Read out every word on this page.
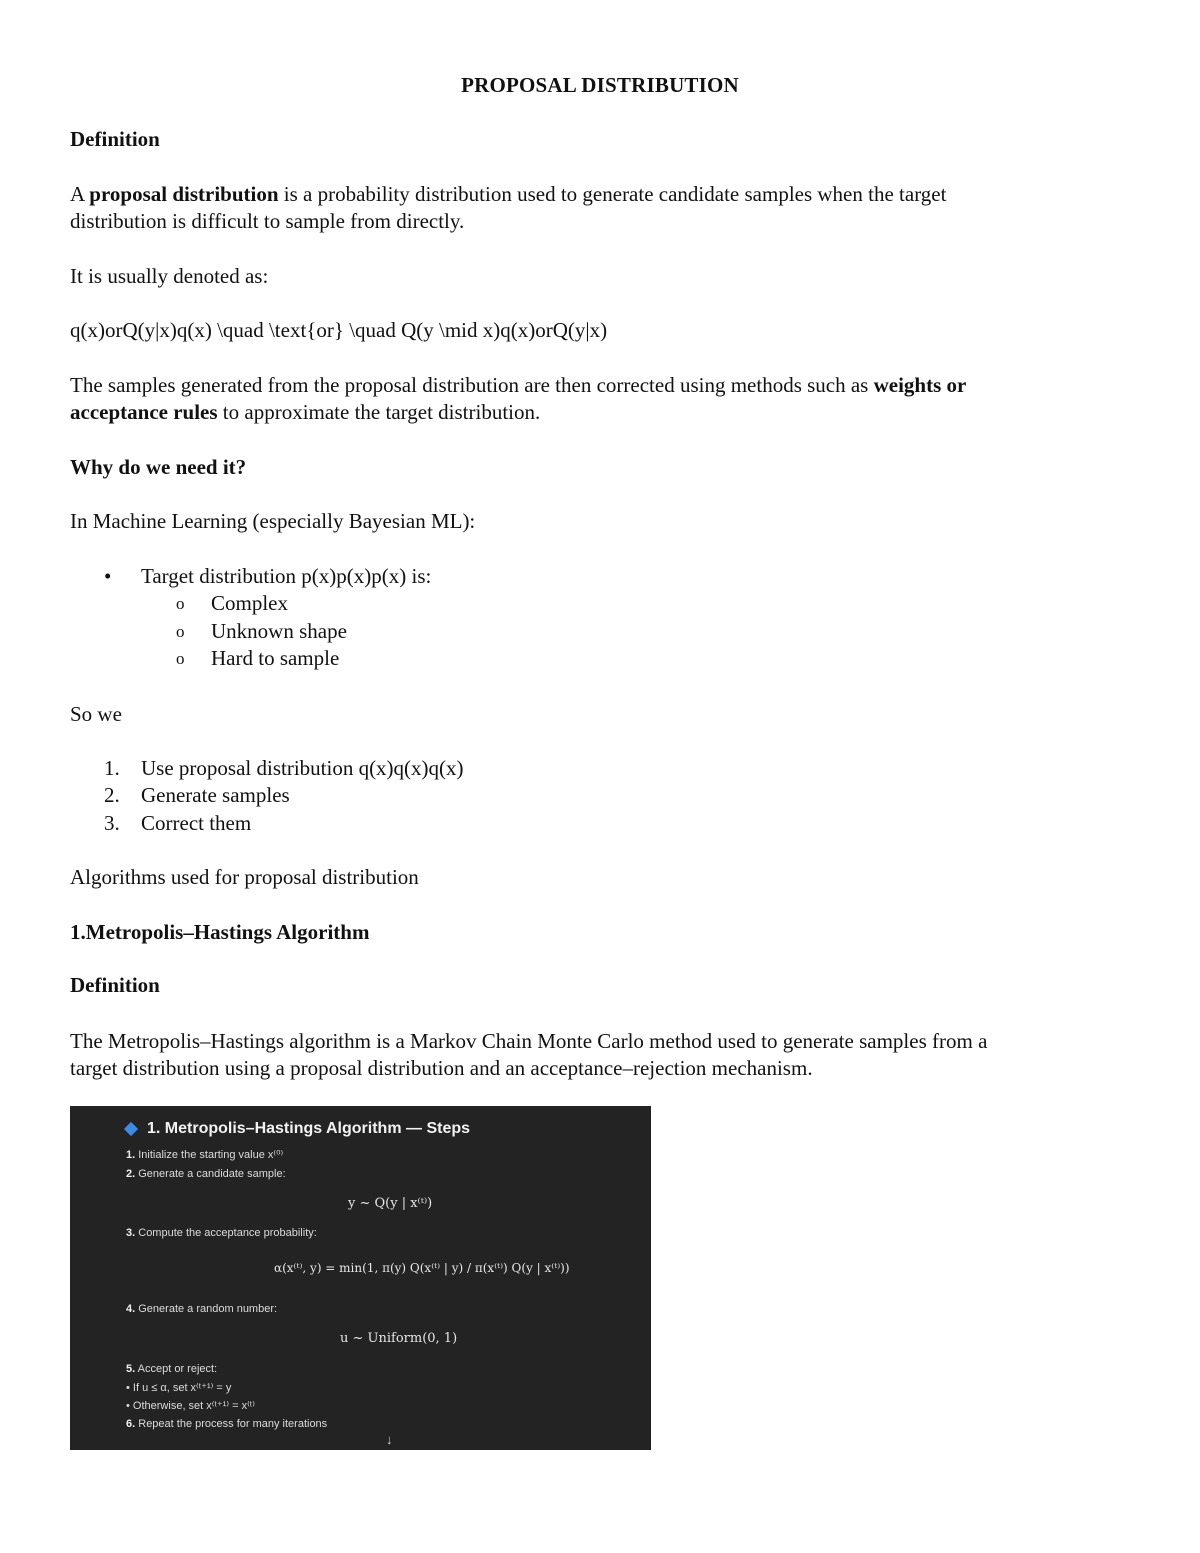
PROPOSAL DISTRIBUTION
Definition
A proposal distribution is a probability distribution used to generate candidate samples when the target
distribution is difficult to sample from directly.
It is usually denoted as:
q(x)orQ(y|x)q(x) \quad \text{or} \quad Q(y \mid x)q(x)orQ(y|x)
The samples generated from the proposal distribution are then corrected using methods such as weights or
acceptance rules to approximate the target distribution.
Why do we need it?
In Machine Learning (especially Bayesian ML):
•	Target distribution p(x)p(x)p(x) is:
o	Complex
o	Unknown shape
o	Hard to sample
So we
1.	Use proposal distribution q(x)q(x)q(x)
2.	Generate samples
3.	Correct them
Algorithms used for proposal distribution
1.Metropolis–Hastings Algorithm
Definition
The Metropolis–Hastings algorithm is a Markov Chain Monte Carlo method used to generate samples from a
target distribution using a proposal distribution and an acceptance–rejection mechanism.
1. Metropolis–Hastings Algorithm — Steps
1. Initialize the starting value x⁽⁰⁾
2. Generate a candidate sample:
y ~ Q(y | x⁽ᵗ⁾)
3. Compute the acceptance probability:
α(x⁽ᵗ⁾, y) = min(1, π(y) Q(x⁽ᵗ⁾ | y) / π(x⁽ᵗ⁾) Q(y | x⁽ᵗ⁾))
4. Generate a random number:
u ~ Uniform(0, 1)
5. Accept or reject:
• If u ≤ α, set x⁽ᵗ⁺¹⁾ = y
• Otherwise, set x⁽ᵗ⁺¹⁾ = x⁽ᵗ⁾
6. Repeat the process for many iterations
↓
